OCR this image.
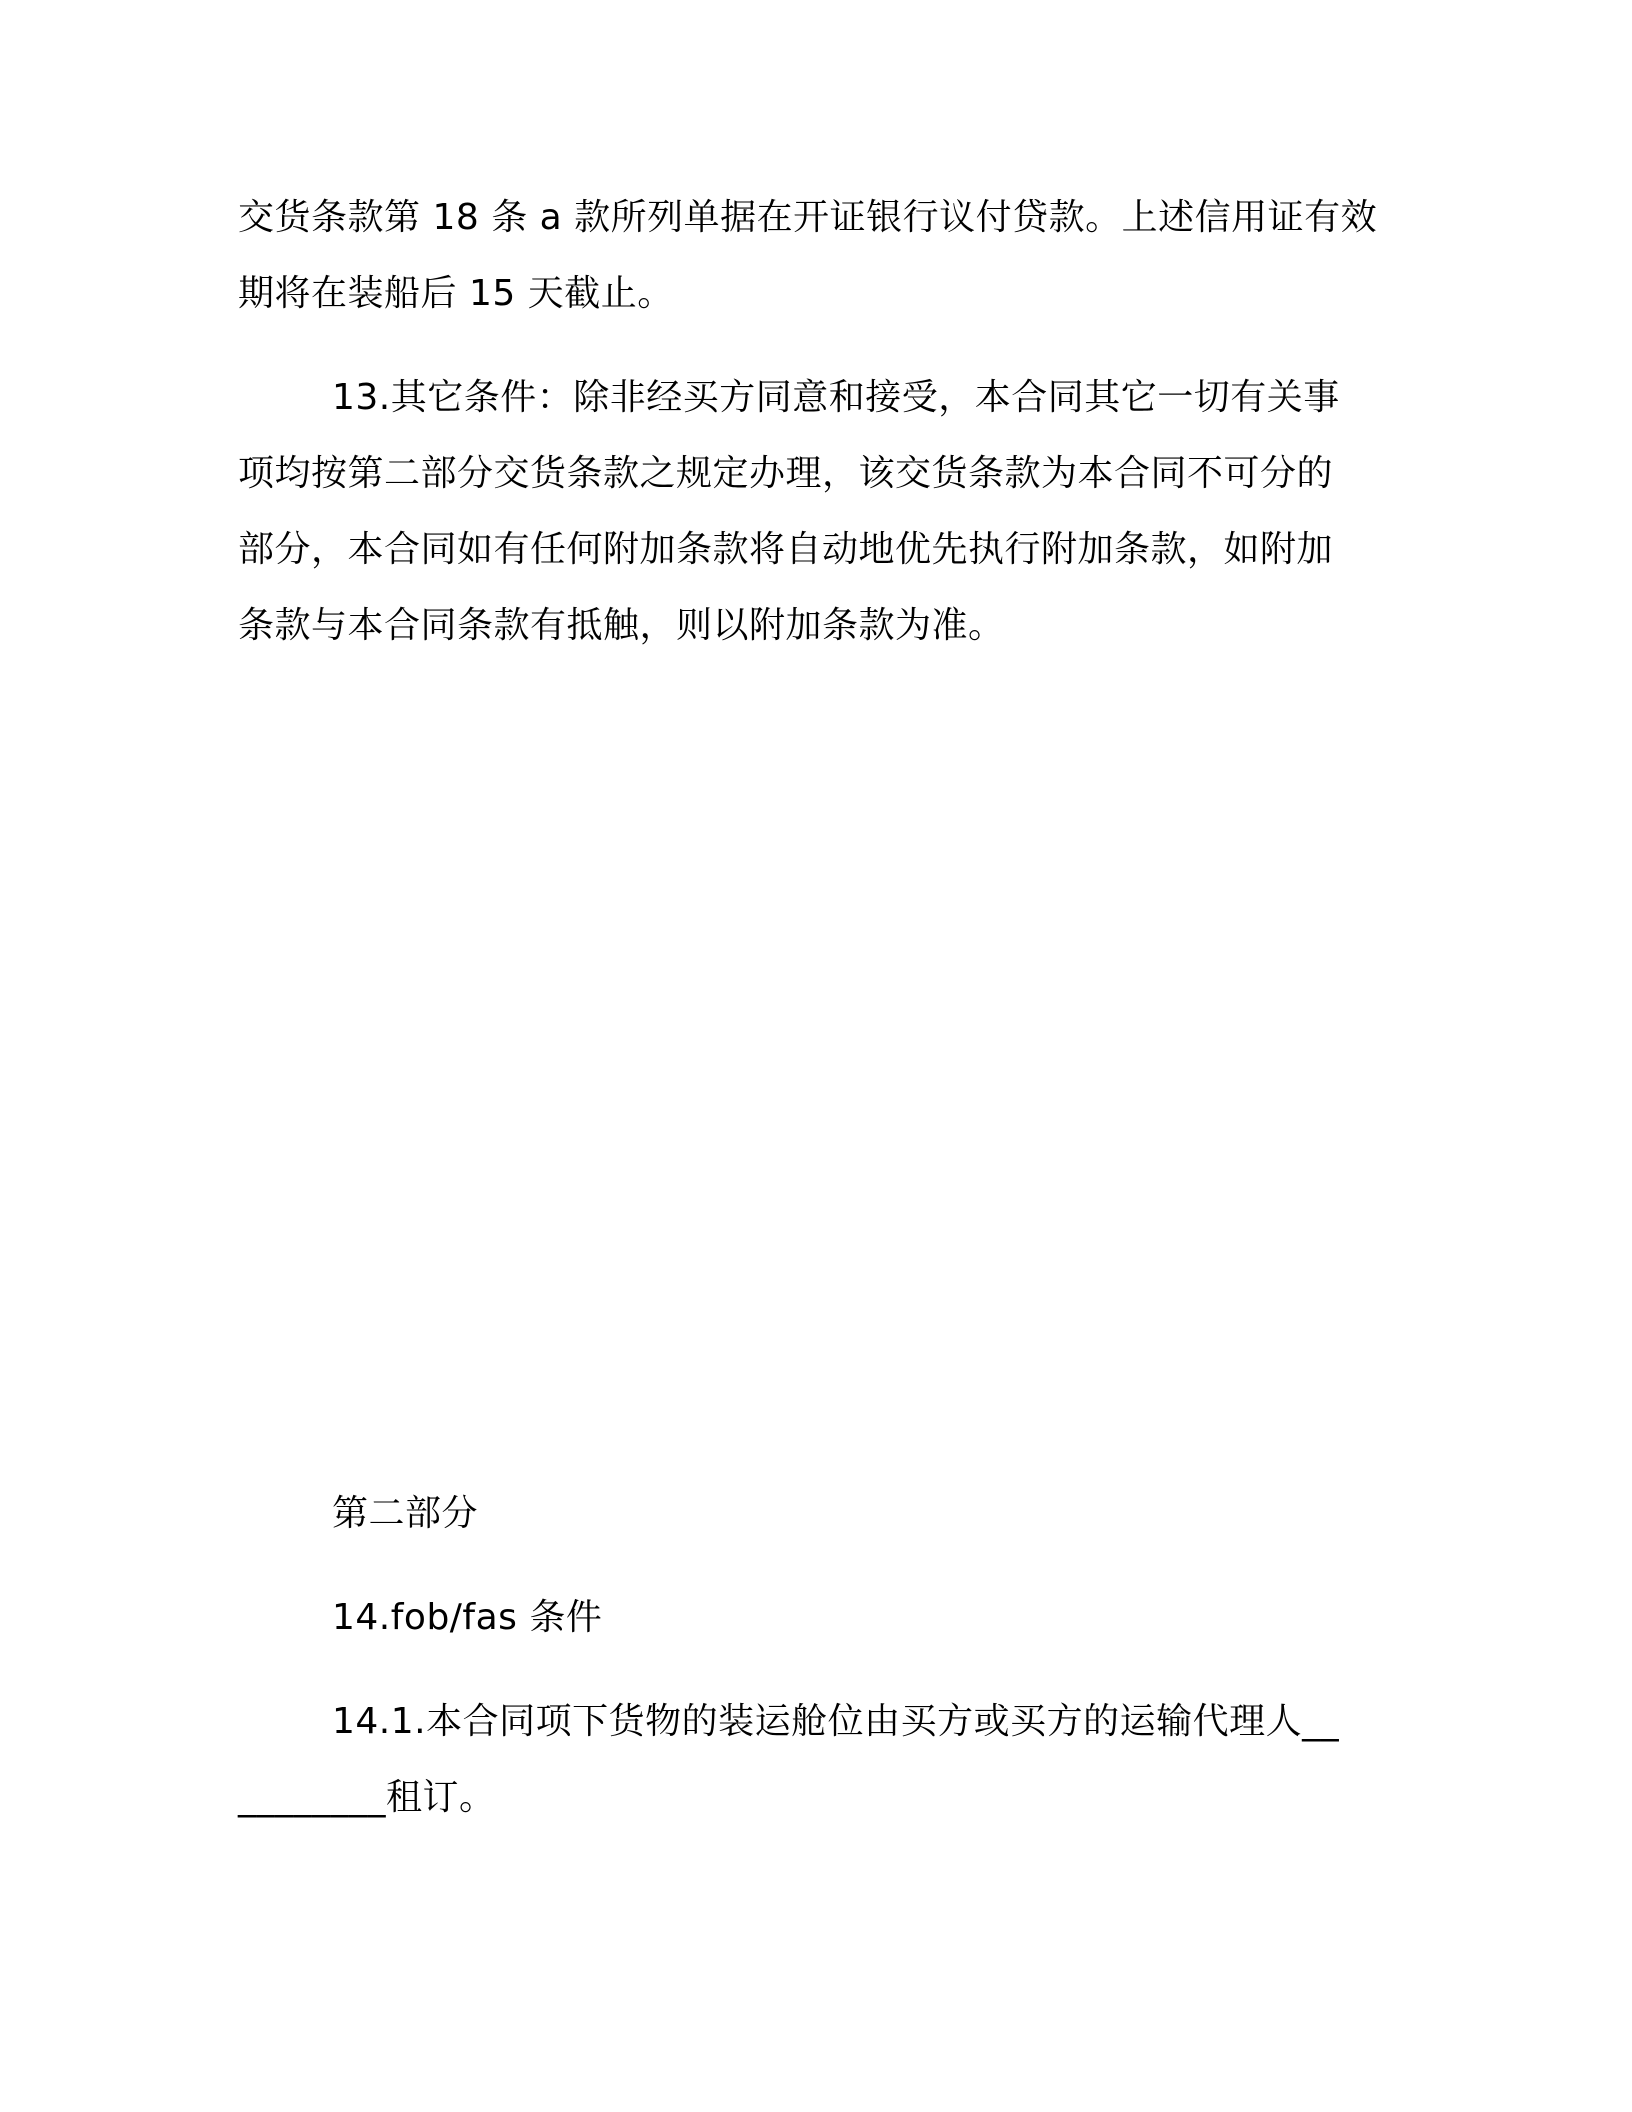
交货条款第 18 条 a 款所列单据在开证银行议付贷款。上述信用证有效
期将在装船后 15 天截止。
13.其它条件：除非经买方同意和接受，本合同其它一切有关事
项均按第二部分交货条款之规定办理，该交货条款为本合同不可分的
部分，本合同如有任何附加条款将自动地优先执行附加条款，如附加
条款与本合同条款有抵触，则以附加条款为准。
第二部分
14.fob/fas 条件
14.1.本合同项下货物的装运舱位由买方或买方的运输代理人__
________租订。
